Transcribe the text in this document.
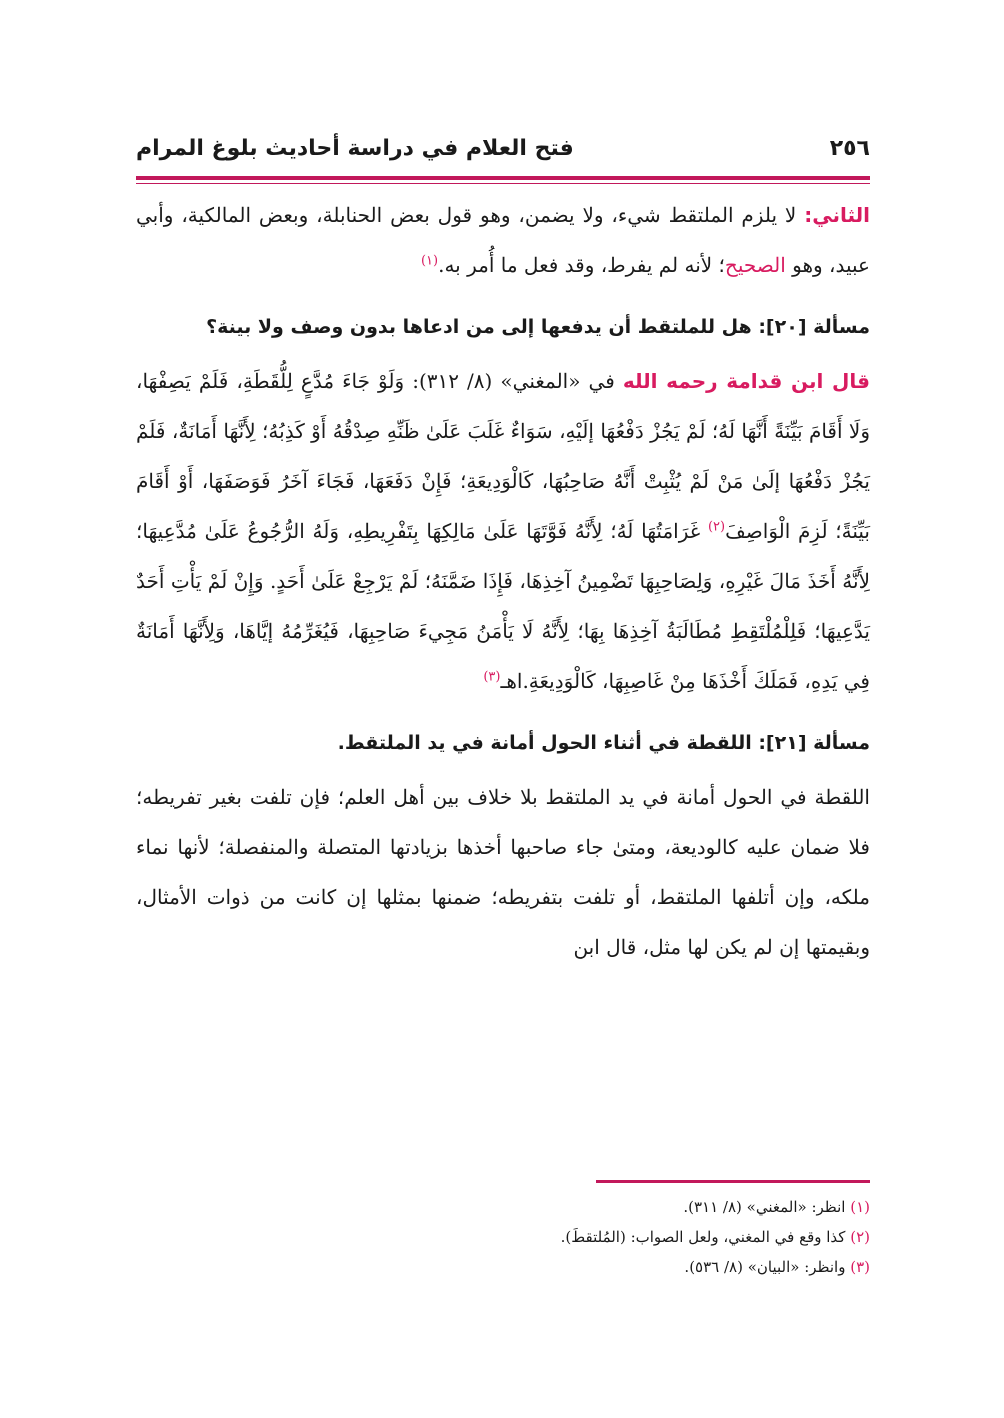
٢٥٦
فتح العلام في دراسة أحاديث بلوغ المرام

الثاني: لا يلزم الملتقط شيء، ولا يضمن، وهو قول بعض الحنابلة، وبعض المالكية، وأبي عبيد، وهو الصحيح؛ لأنه لم يفرط، وقد فعل ما أُمر به.$^{(١)}$

مسألة [٢٠]: هل للملتقط أن يدفعها إلى من ادعاها بدون وصف ولا بينة؟

قال ابن قدامة رحمه الله في «المغني» (٨/ ٣١٢): وَلَوْ جَاءَ مُدَّعٍ لِلُّقَطَةِ، فَلَمْ يَصِفْهَا، وَلَا أَقَامَ بَيِّنَةً أَنَّهَا لَهُ؛ لَمْ يَجُزْ دَفْعُهَا إلَيْهِ، سَوَاءٌ غَلَبَ عَلَىٰ ظَنِّهِ صِدْقُهُ أَوْ كَذِبُهُ؛ لِأَنَّهَا أَمَانَةٌ، فَلَمْ يَجُزْ دَفْعُهَا إلَىٰ مَنْ لَمْ يُثْبِتْ أَنَّهُ صَاحِبُهَا، كَالْوَدِيعَةِ؛ فَإِنْ دَفَعَهَا، فَجَاءَ آخَرُ فَوَصَفَهَا، أَوْ أَقَامَ بَيِّنَةً؛ لَزِمَ الْوَاصِفَ$^{(٢)}$ غَرَامَتُهَا لَهُ؛ لِأَنَّهُ فَوَّتَهَا عَلَىٰ مَالِكِهَا بِتَفْرِيطِهِ، وَلَهُ الرُّجُوعُ عَلَىٰ مُدَّعِيهَا؛ لِأَنَّهُ أَخَذَ مَالَ غَيْرِهِ، وَلِصَاحِبِهَا تَضْمِينُ آخِذِهَا، فَإِذَا ضَمَّنَهُ؛ لَمْ يَرْجِعْ عَلَىٰ أَحَدٍ. وَإِنْ لَمْ يَأْتِ أَحَدٌ يَدَّعِيهَا؛ فَلِلْمُلْتَقِطِ مُطَالَبَةُ آخِذِهَا بِهَا؛ لِأَنَّهُ لَا يَأْمَنُ مَجِيءَ صَاحِبِهَا، فَيُغَرِّمُهُ إيَّاهَا، وَلِأَنَّهَا أَمَانَةٌ فِي يَدِهِ، فَمَلَكَ أَخْذَهَا مِنْ غَاصِبِهَا، كَالْوَدِيعَةِ.اهـ$^{(٣)}$

مسألة [٢١]: اللقطة في أثناء الحول أمانة في يد الملتقط.

اللقطة في الحول أمانة في يد الملتقط بلا خلاف بين أهل العلم؛ فإن تلفت بغير تفريطه؛ فلا ضمان عليه كالوديعة، ومتىٰ جاء صاحبها أخذها بزيادتها المتصلة والمنفصلة؛ لأنها نماء ملكه، وإن أتلفها الملتقط، أو تلفت بتفريطه؛ ضمنها بمثلها إن كانت من ذوات الأمثال، وبقيمتها إن لم يكن لها مثل، قال ابن

(١) انظر: «المغني» (٨/ ٣١١).
(٢) كذا وقع في المغني، ولعل الصواب: (المُلتقطَ).
(٣) وانظر: «البيان» (٨/ ٥٣٦).
